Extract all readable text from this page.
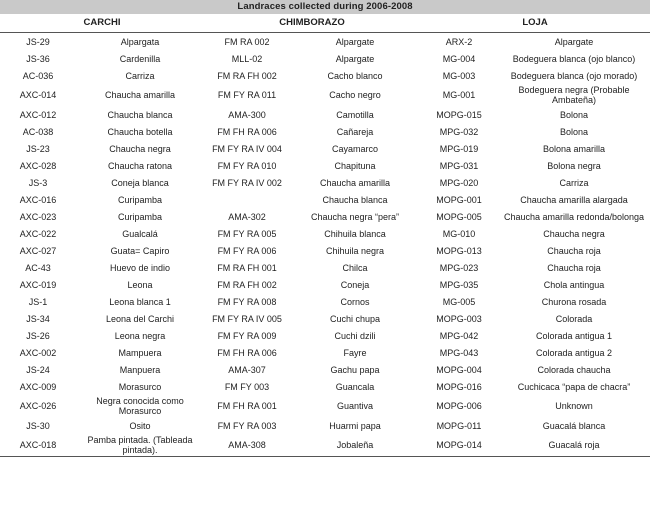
Landraces collected during 2006-2008					
CARCHI		CHIMBORAZO		LOJA	
JS-29	Alpargata	FM RA 002	Alpargate	ARX-2	Alpargate
JS-36	Cardenilla	MLL-02	Alpargate	MG-004	Bodeguera blanca (ojo blanco)
AC-036	Carriza	FM RA FH 002	Cacho blanco	MG-003	Bodeguera blanca (ojo morado)
AXC-014	Chaucha amarilla	FM FY RA 011	Cacho negro	MG-001	Bodeguera negra (Probable Ambateña)
AXC-012	Chaucha blanca	AMA-300	Camotilla	MOPG-015	Bolona
AC-038	Chaucha botella	FM FH RA 006	Cañareja	MPG-032	Bolona
JS-23	Chaucha negra	FM FY RA IV 004	Cayamarco	MPG-019	Bolona amarilla
AXC-028	Chaucha ratona	FM FY RA 010	Chapituna	MPG-031	Bolona negra
JS-3	Coneja blanca	FM FY RA IV 002	Chaucha amarilla	MPG-020	Carriza
AXC-016	Curipamba		Chaucha blanca	MOPG-001	Chaucha amarilla alargada
AXC-023	Curipamba	AMA-302	Chaucha negra “pera”	MOPG-005	Chaucha amarilla redonda/bolonga
AXC-022	Gualcalá	FM FY RA 005	Chihuila blanca	MG-010	Chaucha negra
AXC-027	Guata= Capiro	FM FY RA 006	Chihuila negra	MOPG-013	Chaucha roja
AC-43	Huevo de indio	FM RA FH 001	Chilca	MPG-023	Chaucha roja
AXC-019	Leona	FM RA FH 002	Coneja	MPG-035	Chola antingua
JS-1	Leona blanca 1	FM FY RA 008	Cornos	MG-005	Churona rosada
JS-34	Leona del Carchi	FM FY RA IV 005	Cuchi chupa	MOPG-003	Colorada
JS-26	Leona negra	FM FY RA 009	Cuchi dzili	MPG-042	Colorada antigua 1
AXC-002	Mampuera	FM FH RA 006	Fayre	MPG-043	Colorada antigua 2
JS-24	Manpuera	AMA-307	Gachu papa	MOPG-004	Colorada chaucha
AXC-009	Morasurco	FM FY 003	Guancala	MOPG-016	Cuchicaca “papa de chacra”
AXC-026	Negra conocida como Morasurco	FM FH RA 001	Guantiva	MOPG-006	Unknown
JS-30	Osito	FM FY RA 003	Huarmi papa	MOPG-011	Guacalá blanca
AXC-018	Pamba pintada. (Tableada pintada).	AMA-308	Jobaleña	MOPG-014	Guacalá roja
